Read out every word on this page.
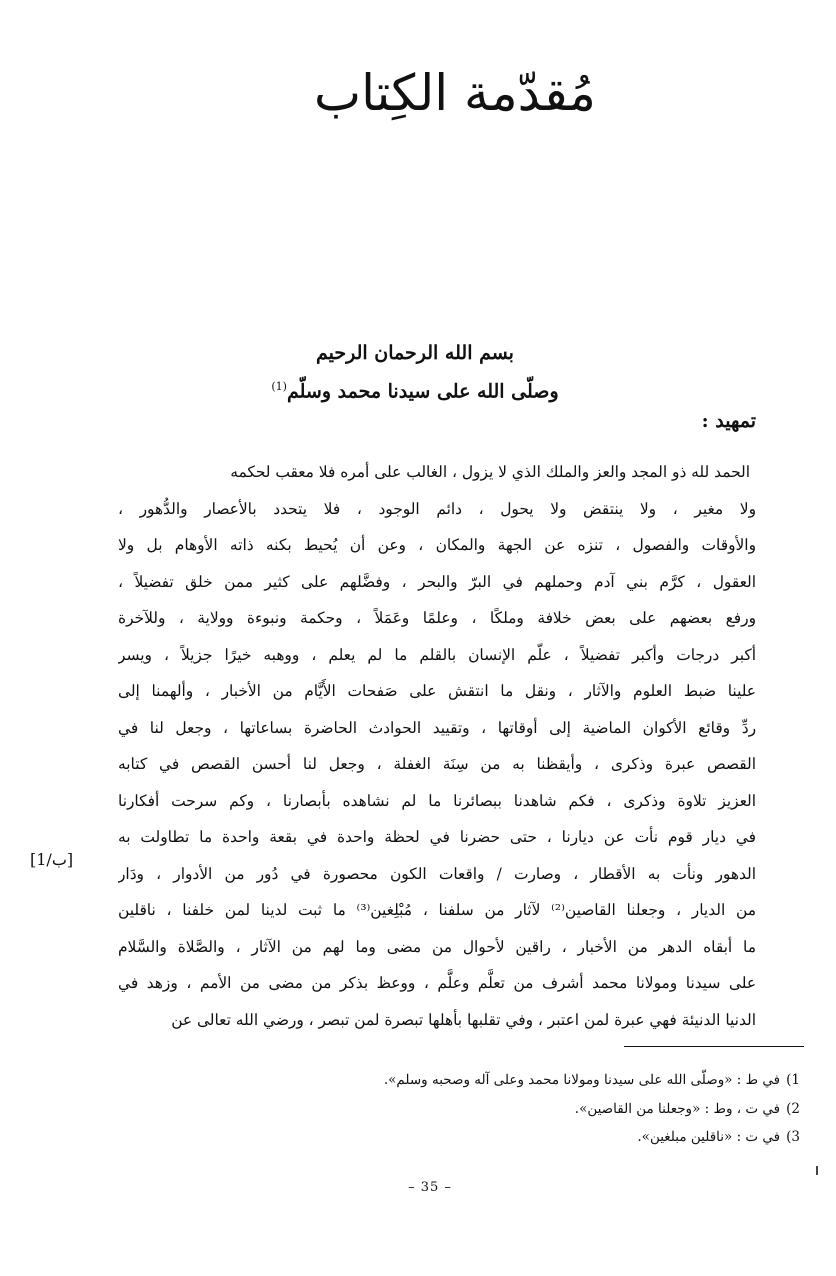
مُقدّمة الكِتاب
بسم الله الرحمان الرحيم
وصلّى الله على سيدنا محمد وسلّم$^{(1)}$
تمهيد :
الحمد لله ذو المجد والعز والملك الذي لا يزول ، الغالب على أمره فلا معقب لحكمه
ولا مغير ، ولا ينتقض ولا يحول ، دائم الوجود ، فلا يتحدد بالأعصار والدُّهور ،
والأوقات والفصول ، تنزه عن الجهة والمكان ، وعن أن يُحيط بكنه ذاته الأوهام بل ولا
العقول ، كرَّم بني آدم وحملهم في البرّ والبحر ، وفضَّلهم على كثير ممن خلق تفضيلاً ،
ورفع بعضهم على بعض خلافة وملكًا ، وعلمًا وعَمَلاً ، وحكمة ونبوءة وولاية ، وللآخرة
أكبر درجات وأكبر تفضيلاً ، علّم الإنسان بالقلم ما لم يعلم ، ووهبه خيرًا جزيلاً ، ويسر
علينا ضبط العلوم والآثار ، ونقل ما انتقش على صَفحات الأَيَّام من الأخبار ، وألهمنا إلى
ردِّ وقائع الأكوان الماضية إلى أوقاتها ، وتقييد الحوادث الحاضرة بساعاتها ، وجعل لنا في
القصص عبرة وذكرى ، وأيقظنا به من سِنَة الغفلة ، وجعل لنا أحسن القصص في كتابه
العزيز تلاوة وذكرى ، فكم شاهدنا ببصائرنا ما لم نشاهده بأبصارنا ، وكم سرحت أفكارنا
في ديار قوم نأت عن ديارنا ، حتى حضرنا في لحظة واحدة في بقعة واحدة ما تطاولت به
الدهور ونأت به الأقطار ، وصارت / واقعات الكون محصورة في دُور من الأدوار ، ودَار
من الديار ، وجعلنا القاصين⁽²⁾ لآثار من سلفنا ، مُبْلِغين⁽³⁾ ما ثبت لدينا لمن خلفنا ، ناقلين
ما أبقاه الدهر من الأخبار ، راقين لأحوال من مضى وما لهم من الآثار ، والصَّلاة والسَّلام
على سيدنا ومولانا محمد أشرف من تعلَّم وعلَّم ، ووعظ بذكر من مضى من الأمم ، وزهد في
الدنيا الدنيئة فهي عبرة لمن اعتبر ، وفي تقلبها بأهلها تبصرة لمن تبصر ، ورضي الله تعالى عن
[1/ب]
1)في ط : «وصلّى الله على سيدنا ومولانا محمد وعلى آله وصحبه وسلم».
2)في ت ، وط : «وجعلنا من القاصين».
3)في ت : «ناقلين مبلغين».
– 35 –
